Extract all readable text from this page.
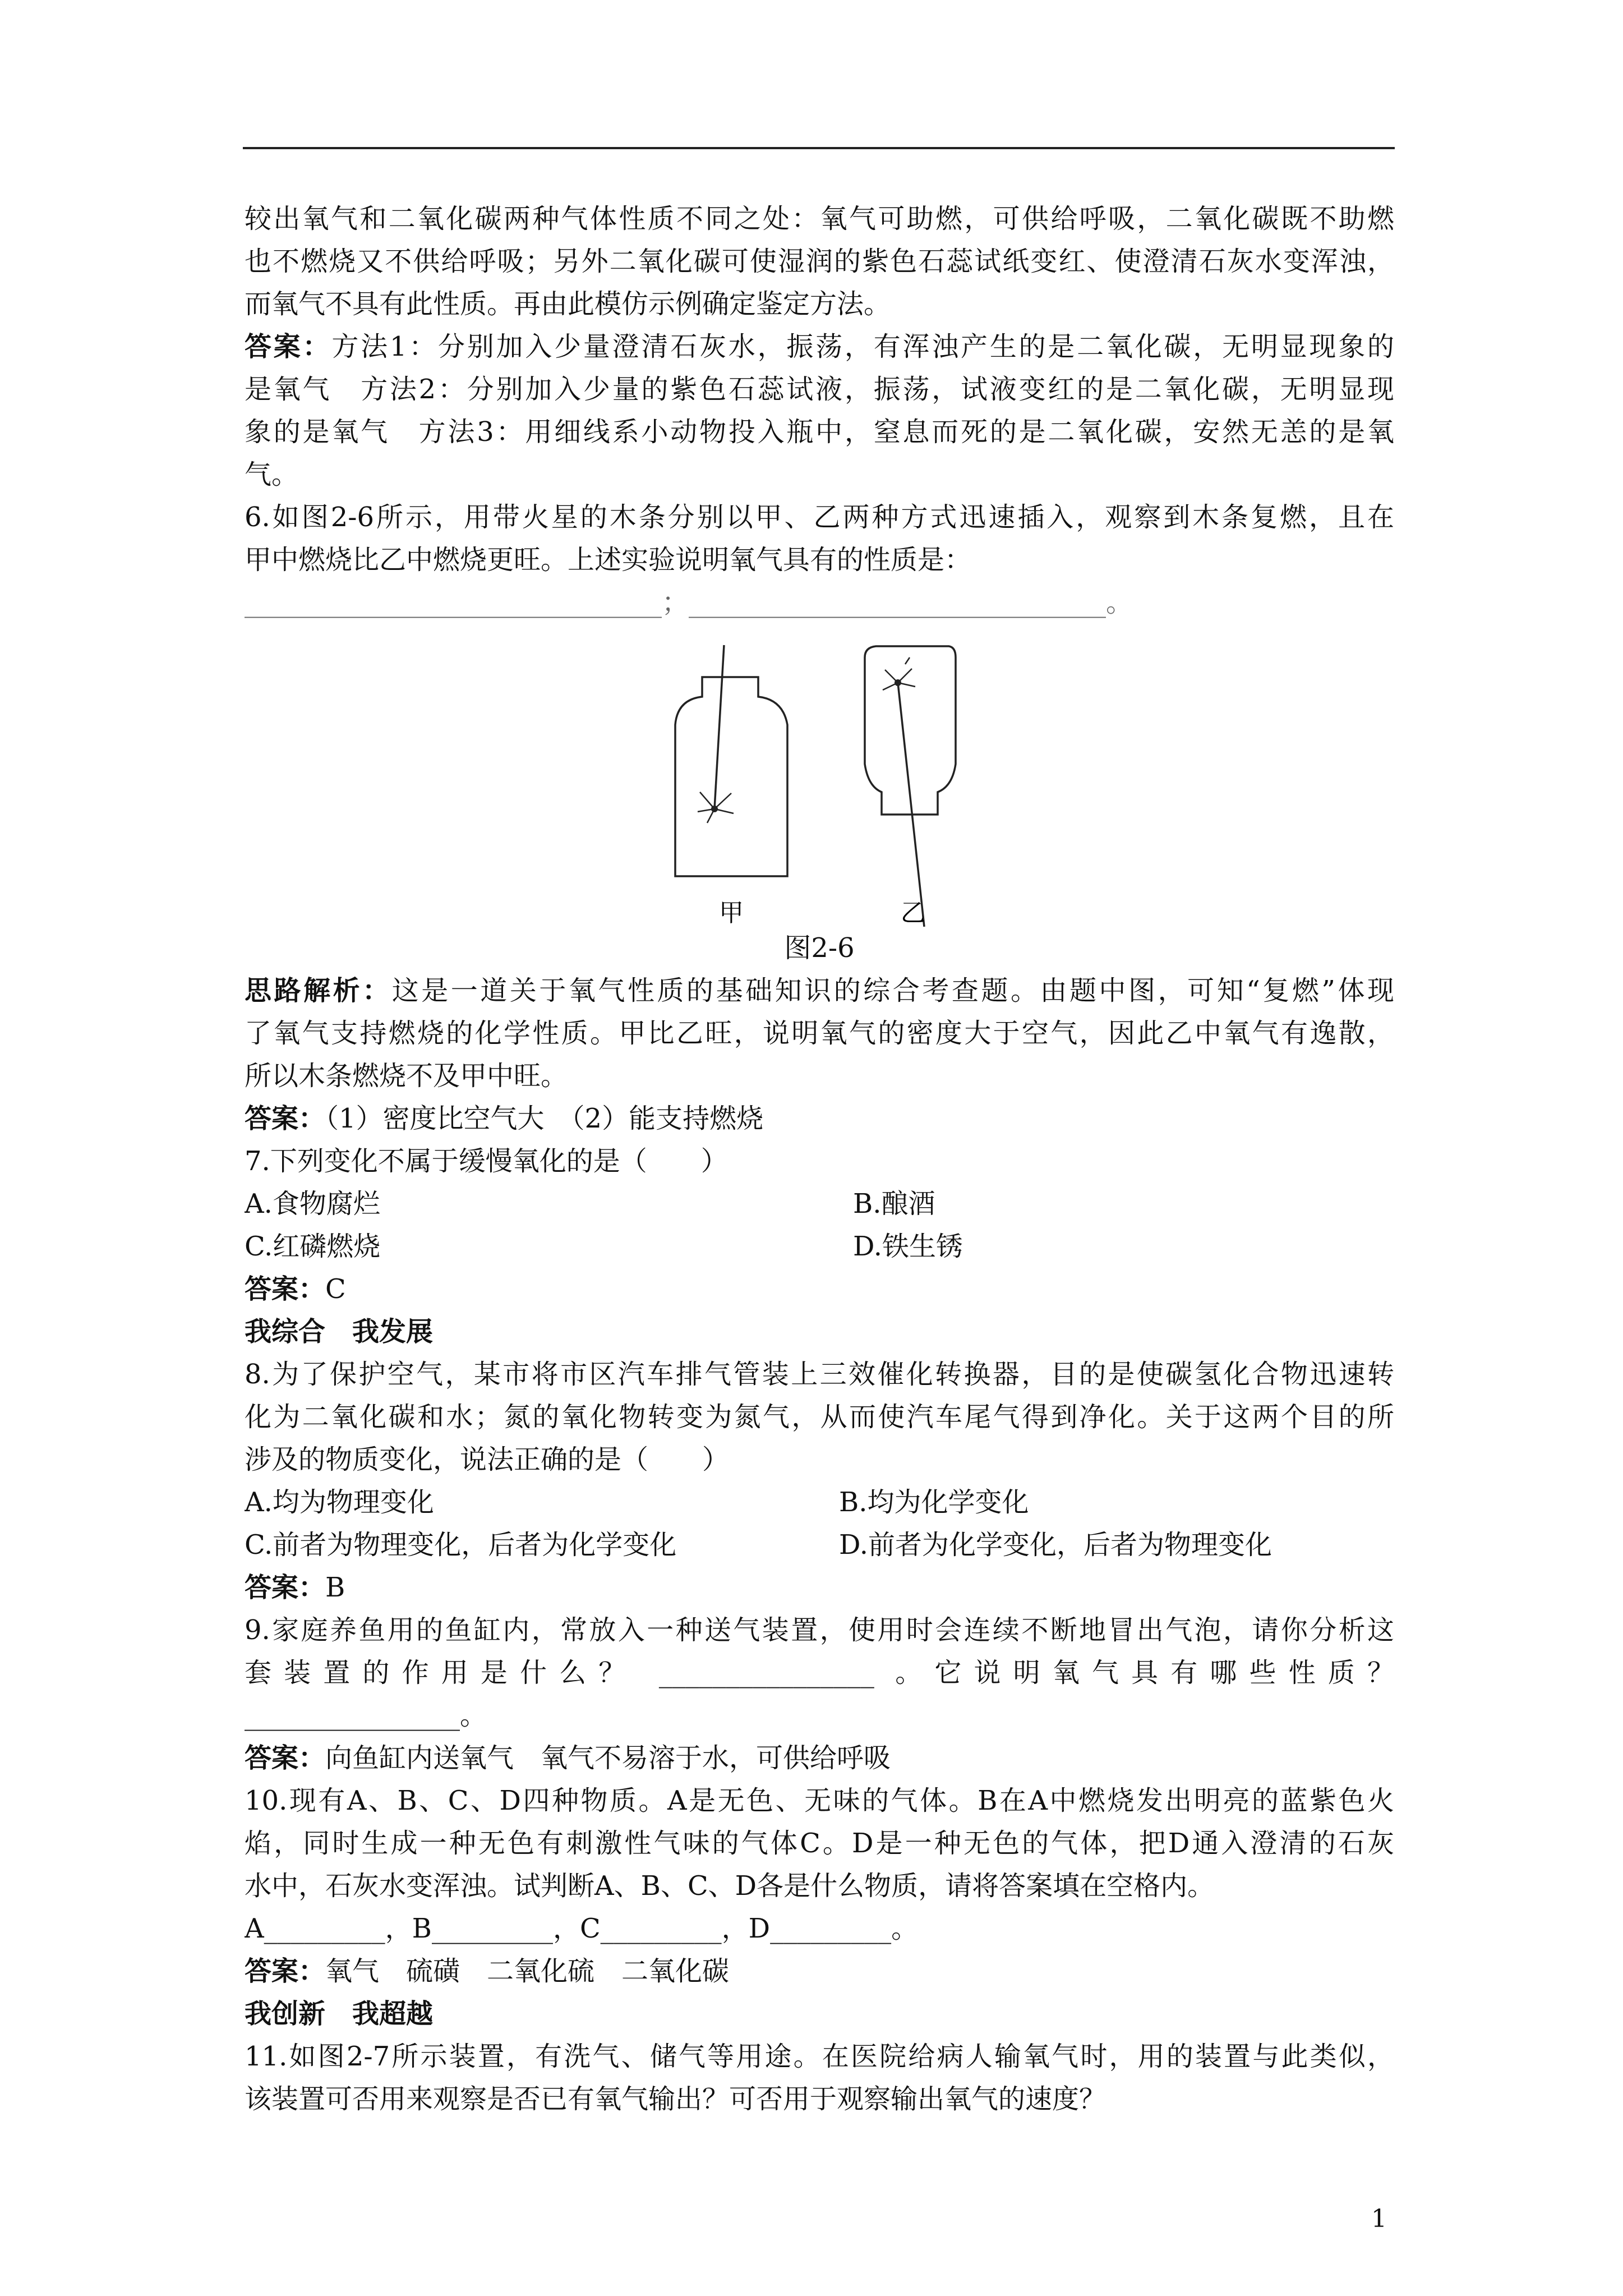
较出氧气和二氧化碳两种气体性质不同之处：氧气可助燃，可供给呼吸，二氧化碳既不助燃
也不燃烧又不供给呼吸；另外二氧化碳可使湿润的紫色石蕊试纸变红、使澄清石灰水变浑浊，
而氧气不具有此性质。再由此模仿示例确定鉴定方法。
答案：方法1：分别加入少量澄清石灰水，振荡，有浑浊产生的是二氧化碳，无明显现象的
是氧气　方法2：分别加入少量的紫色石蕊试液，振荡，试液变红的是二氧化碳，无明显现
象的是氧气　方法3：用细线系小动物投入瓶中，窒息而死的是二氧化碳，安然无恙的是氧
气。
6.如图2-6所示，用带火星的木条分别以甲、乙两种方式迅速插入，观察到木条复燃，且在
甲中燃烧比乙中燃烧更旺。上述实验说明氧气具有的性质是：
_______________________________；_______________________________。
甲	乙
图2-6
思路解析：这是一道关于氧气性质的基础知识的综合考查题。由题中图，可知“复燃”体现
了氧气支持燃烧的化学性质。甲比乙旺，说明氧气的密度大于空气，因此乙中氧气有逸散，
所以木条燃烧不及甲中旺。
答案：（1）密度比空气大　（2）能支持燃烧
7.下列变化不属于缓慢氧化的是（　　）
A.食物腐烂	B.酿酒
C.红磷燃烧	D.铁生锈
答案：C
我综合　我发展
8.为了保护空气，某市将市区汽车排气管装上三效催化转换器，目的是使碳氢化合物迅速转
化为二氧化碳和水；氮的氧化物转变为氮气，从而使汽车尾气得到净化。关于这两个目的所
涉及的物质变化，说法正确的是（　　）
A.均为物理变化	B.均为化学变化
C.前者为物理变化，后者为化学变化	D.前者为化学变化，后者为物理变化
答案：B
9.家庭养鱼用的鱼缸内，常放入一种送气装置，使用时会连续不断地冒出气泡，请你分析这
套装置的作用是什么？ ________________ 。它说明氧气具有哪些性质？
________________。
答案：向鱼缸内送氧气　氧气不易溶于水，可供给呼吸
10.现有A、B、C、D四种物质。A是无色、无味的气体。B在A中燃烧发出明亮的蓝紫色火
焰，同时生成一种无色有刺激性气味的气体C。D是一种无色的气体，把D通入澄清的石灰
水中，石灰水变浑浊。试判断A、B、C、D各是什么物质，请将答案填在空格内。
A_________，B_________，C_________，D_________。
答案：氧气　硫磺　二氧化硫　二氧化碳
我创新　我超越
11.如图2-7所示装置，有洗气、储气等用途。在医院给病人输氧气时，用的装置与此类似，
该装置可否用来观察是否已有氧气输出？可否用于观察输出氧气的速度？
1
